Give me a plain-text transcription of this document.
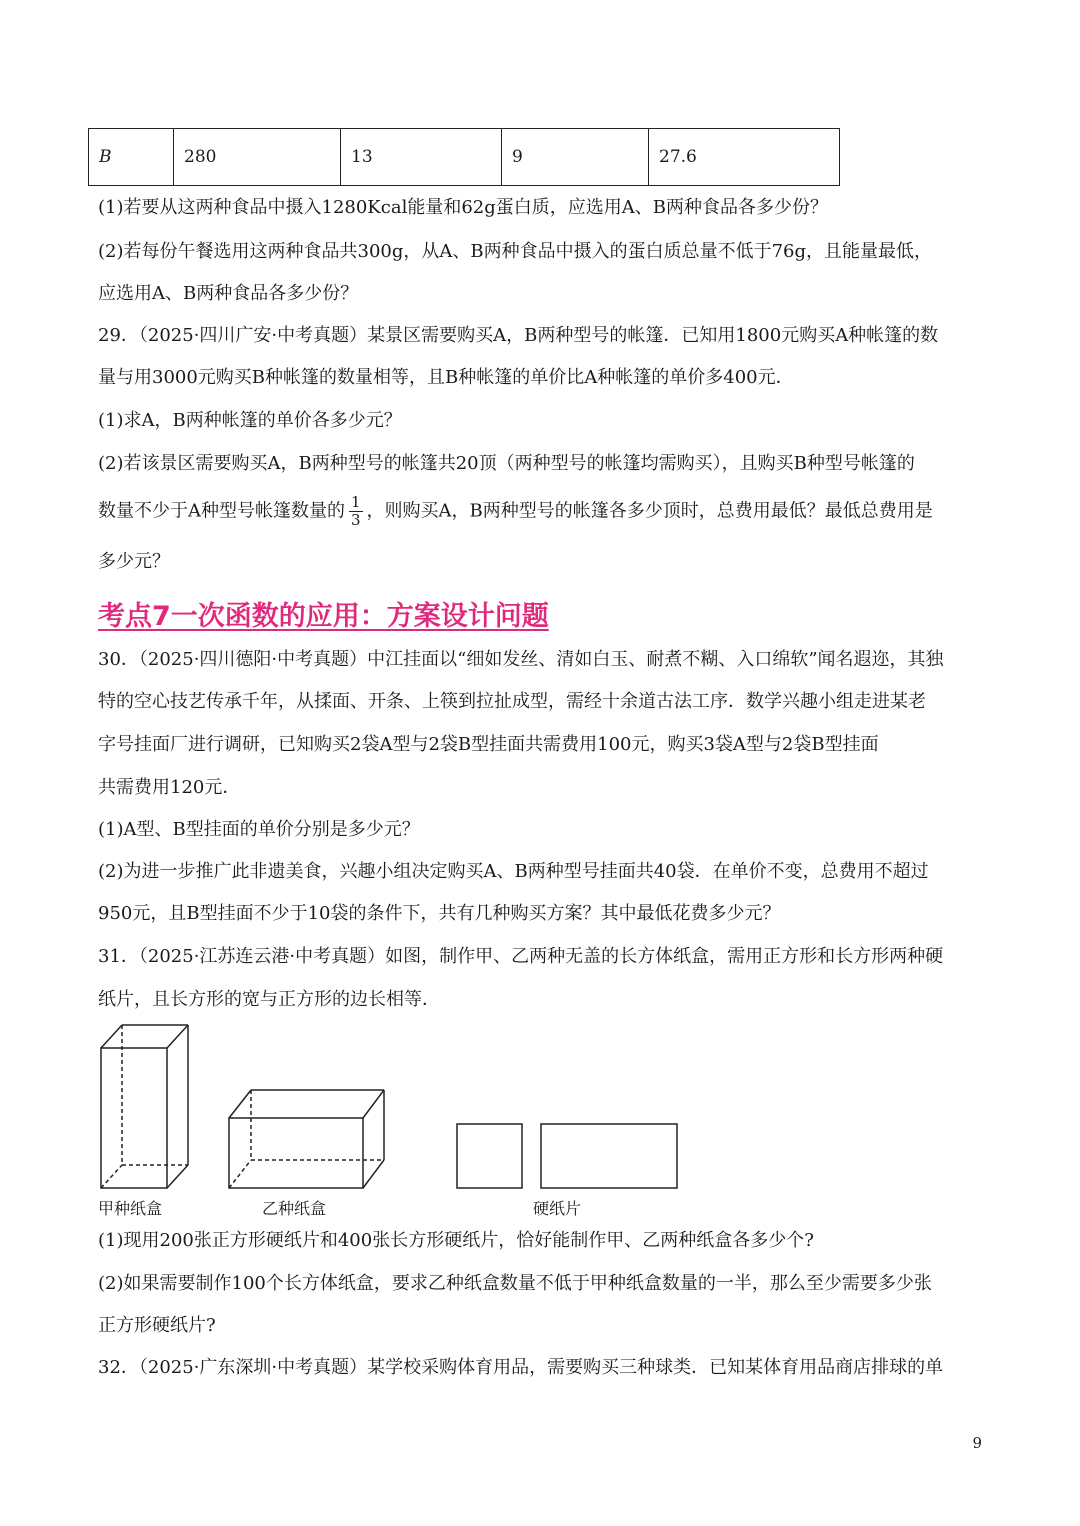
B	280	13	9	27.6
(1)若要从这两种食品中摄入1280Kcal能量和62g蛋白质，应选用A、B两种食品各多少份？
(2)若每份午餐选用这两种食品共300g，从A、B两种食品中摄入的蛋白质总量不低于76g，且能量最低，
应选用A、B两种食品各多少份？
29．（2025·四川广安·中考真题）某景区需要购买A，B两种型号的帐篷．已知用1800元购买A种帐篷的数
量与用3000元购买B种帐篷的数量相等，且B种帐篷的单价比A种帐篷的单价多400元．
(1)求A，B两种帐篷的单价各多少元？
(2)若该景区需要购买A，B两种型号的帐篷共20顶（两种型号的帐篷均需购买），且购买B种型号帐篷的
数量不少于A种型号帐篷数量的 $\frac{1}{3}$ ，则购买A，B两种型号的帐篷各多少顶时，总费用最低？最低总费用是
多少元？
考点7一次函数的应用：方案设计问题
30．（2025·四川德阳·中考真题）中江挂面以“细如发丝、清如白玉、耐煮不糊、入口绵软”闻名遐迩，其独
特的空心技艺传承千年，从揉面、开条、上筷到拉扯成型，需经十余道古法工序．数学兴趣小组走进某老
字号挂面厂进行调研，已知购买2袋A型与2袋B型挂面共需费用100元，购买3袋A型与2袋B型挂面
共需费用120元．
(1)A型、B型挂面的单价分别是多少元？
(2)为进一步推广此非遗美食，兴趣小组决定购买A、B两种型号挂面共40袋．在单价不变，总费用不超过
950元，且B型挂面不少于10袋的条件下，共有几种购买方案？其中最低花费多少元？
31．（2025·江苏连云港·中考真题）如图，制作甲、乙两种无盖的长方体纸盒，需用正方形和长方形两种硬
纸片，且长方形的宽与正方形的边长相等．
甲种纸盒	乙种纸盒	硬纸片
(1)现用200张正方形硬纸片和400张长方形硬纸片，恰好能制作甲、乙两种纸盒各多少个?
(2)如果需要制作100个长方体纸盒，要求乙种纸盒数量不低于甲种纸盒数量的一半，那么至少需要多少张
正方形硬纸片?
32．（2025·广东深圳·中考真题）某学校采购体育用品，需要购买三种球类．已知某体育用品商店排球的单
9
